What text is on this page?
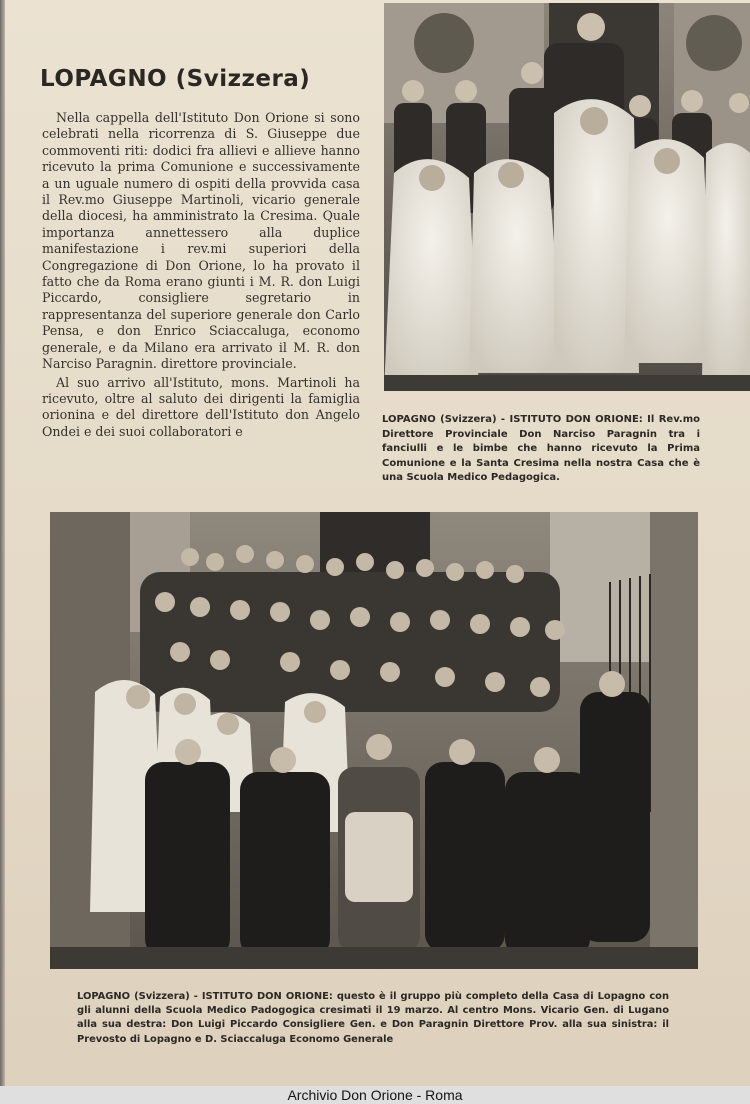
LOPAGNO (Svizzera)

Nella cappella dell'Istituto Don Orione si sono celebrati nella ricorrenza di S. Giuseppe due commoventi riti: dodici fra allievi e allieve hanno ricevuto la prima Comunione e successivamente a un uguale numero di ospiti della provvida casa il Rev.mo Giuseppe Martinoli, vicario generale della diocesi, ha amministrato la Cresima. Quale importanza annettessero alla duplice manifestazione i rev.mi superiori della Congregazione di Don Orione, lo ha provato il fatto che da Roma erano giunti i M. R. don Luigi Piccardo, consigliere segretario in rappresentanza del superiore generale don Carlo Pensa, e don Enrico Sciaccaluga, economo generale, e da Milano era arrivato il M. R. don Narciso Paragnin. direttore provinciale.

Al suo arrivo all'Istituto, mons. Martinoli ha ricevuto, oltre al saluto dei dirigenti la famiglia orionina e del direttore dell'Istituto don Angelo Ondei e dei suoi collaboratori e

LOPAGNO (Svizzera) - ISTITUTO DON ORIONE: Il Rev.mo Direttore Provinciale Don Narciso Paragnin tra i fanciulli e le bimbe che hanno ricevuto la Prima Comunione e la Santa Cresima nella nostra Casa che è una Scuola Medico Pedagogica.
LOPAGNO (Svizzera) - ISTITUTO DON ORIONE: questo è il gruppo più completo della Casa di Lopagno con gli alunni della Scuola Medico Padogogica cresimati il 19 marzo. Al centro Mons. Vicario Gen. di Lugano alla sua destra: Don Luigi Piccardo Consigliere Gen. e Don Paragnin Direttore Prov. alla sua sinistra: il Prevosto di Lopagno e D. Sciaccaluga Economo Generale
Archivio Don Orione - Roma
